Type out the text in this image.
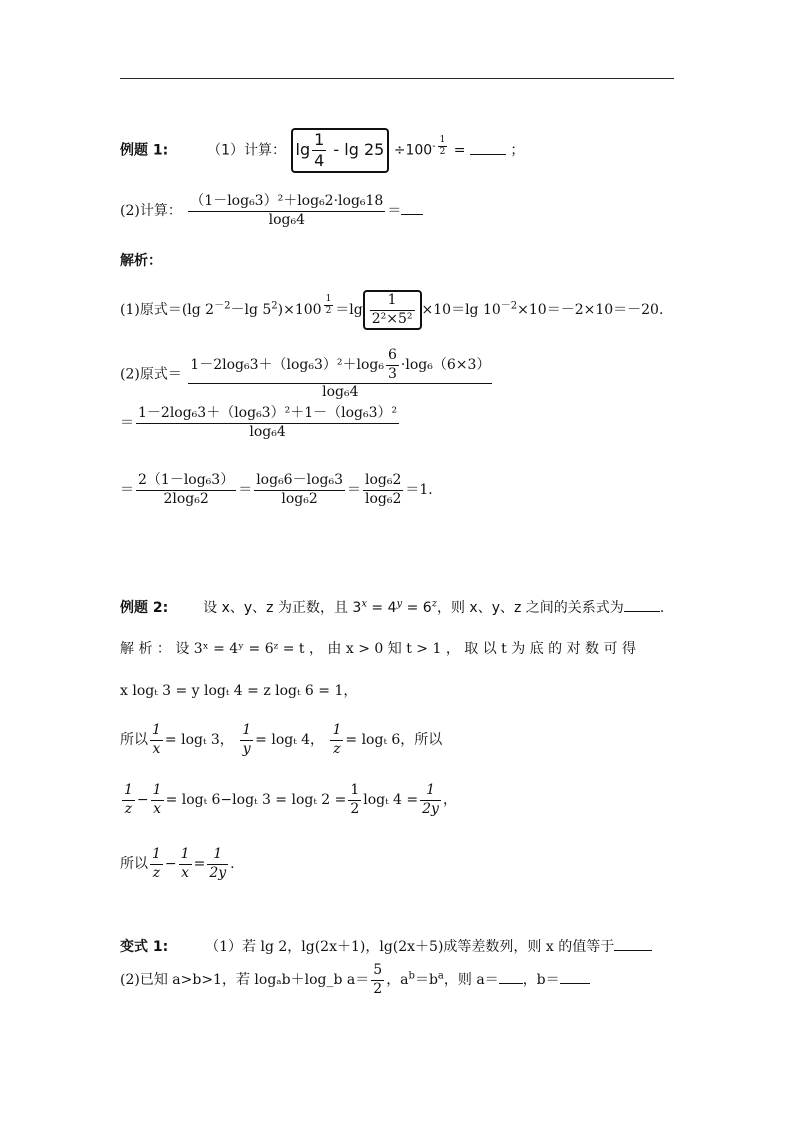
例题 1:	（1）计算： $\lg \frac{1}{4} - \lg 25 \div 100^{- \frac{1}{2}}$ =	；
(2)计算： $\frac{\text{（1－log₆3）²＋log₆2·log₆18}}{\text{log₆4}}$ ＝
解析：
(1)原式＝(lg $2^{-2}-\lg$ $5^2)\times 100$ $^{\frac{1}{2}} =\lg \frac{1}{\text{2²×5²}} \times 10=\lg$ $10^{-2}\times 10=-2\times 10=-20$.
(2)原式＝ $\frac{1-2\log_63+(\log_63)^2+\log_6 \frac{6}{3} \cdot\log_6(6\times 3)}{\text{log₆4}}$
＝ $\frac{\text{1－2log₆3＋（log₆3）²＋1－（log₆3）²}}{\text{log₆4}}$
＝ $\frac{\text{2（1－log₆3）}}{\text{2log₆2}} = \frac{\text{log₆6－log₆3}}{\text{log₆2}} = \frac{\text{log₆2}}{\text{log₆2}} =1$.
例题 2: 设 x、y、z 为正数，且 $3^x = 4^y = 6^z$，则 x、y、z 之间的关系式为	.
解 析 ： 设 3ˣ = 4ʸ = 6ᶻ = t ， 由 x > 0 知 t > 1 ， 取 以 t 为 底 的 对 数 可 得
x logₜ 3 = y logₜ 4 = z logₜ 6 = 1，
所以 $\frac{1}{x} = \log_t$ 3， $\frac{1}{y} = \log_t$ 4， $\frac{1}{z} = \log_t$ 6，所以
$\frac{1}{z} - \frac{1}{x} = \log_t$ 6−logₜ 3 = logₜ $2 = \frac{1}{2}$ logₜ $4 = \frac{1}{2y}$ ，
所以 $\frac{1}{z} - \frac{1}{x} = \frac{1}{2y}$ .
变式 1:	（1）若 lg 2，lg(2x＋1)，lg(2x＋5)成等差数列，则 x 的值等于
(2)已知 a>b>1，若 logₐb＋log_b $a= \frac{5}{2}$ ，$a^b=b^a$，则 a＝ ，b＝
